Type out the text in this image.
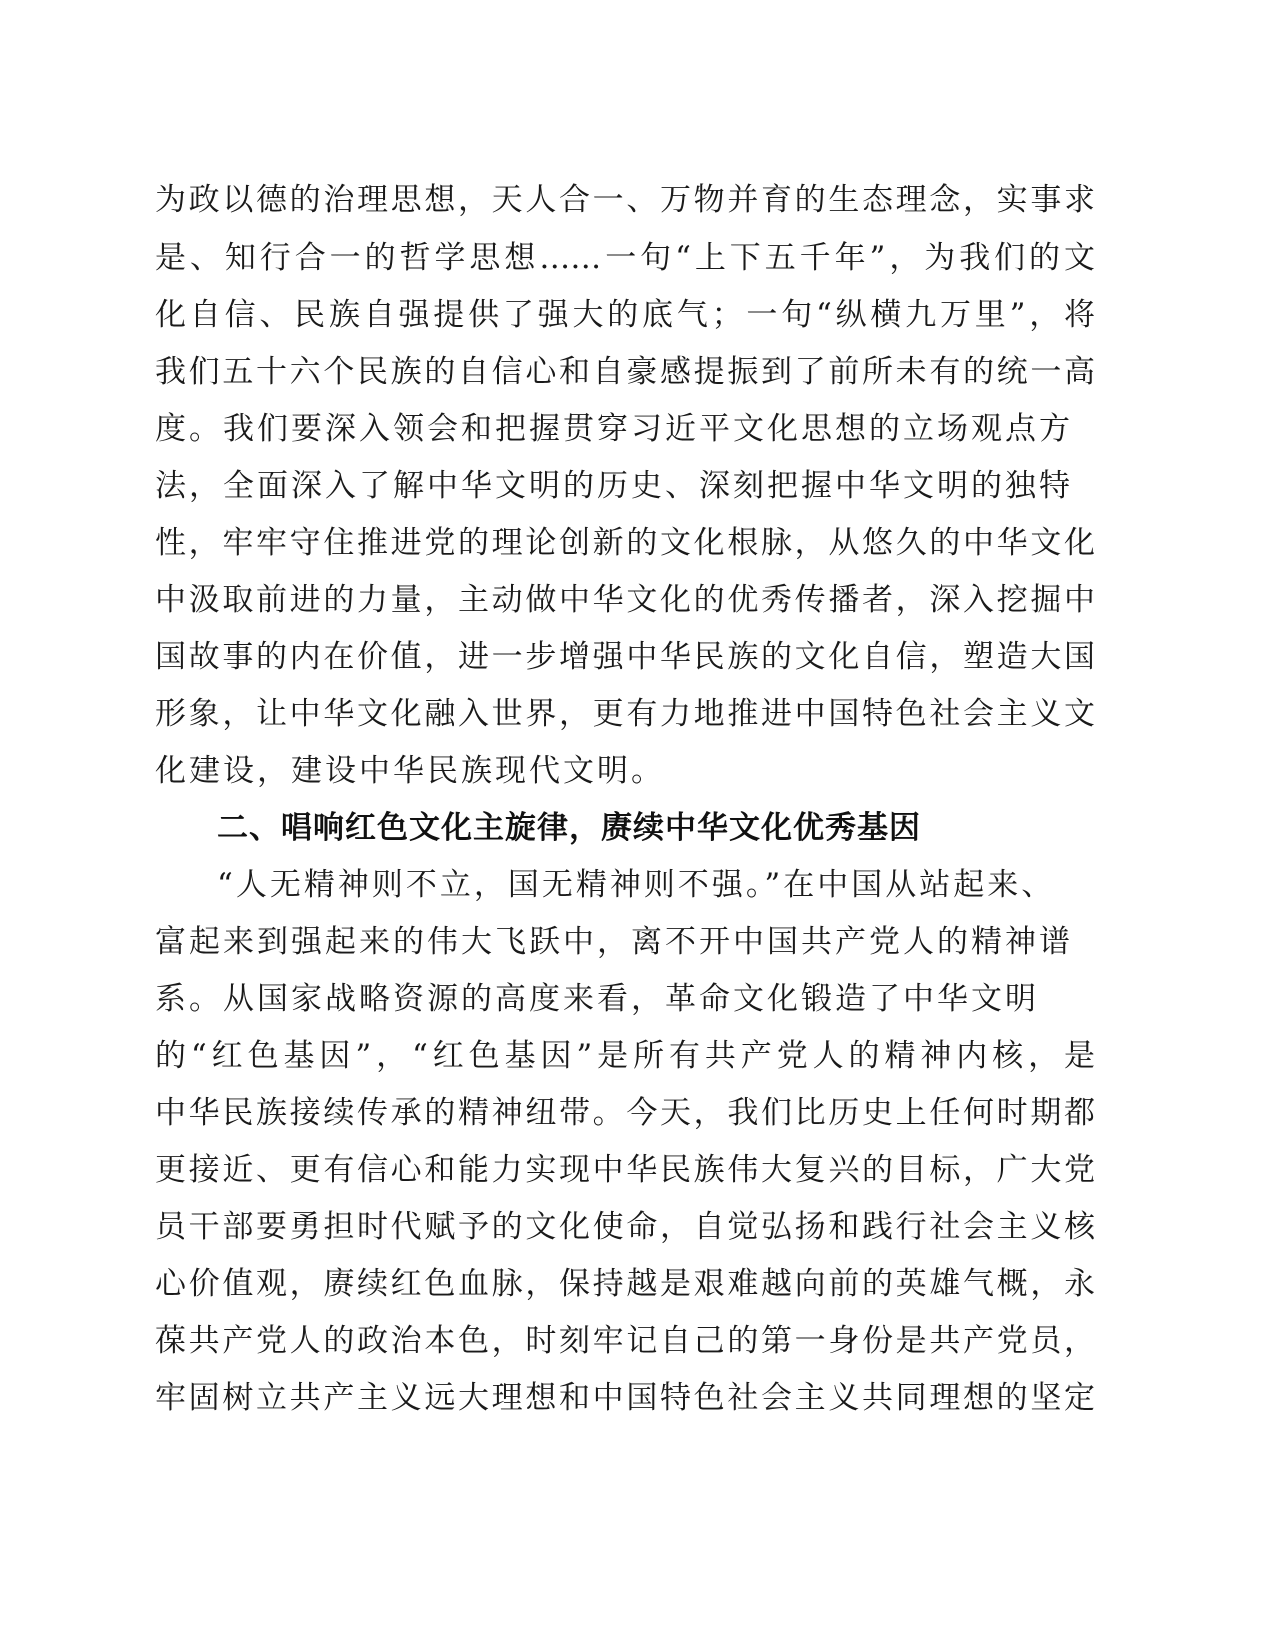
为政以德的治理思想，天人合一、万物并育的生态理念，实事求
是、知行合一的哲学思想……一句“上下五千年”，为我们的文
化自信、民族自强提供了强大的底气；一句“纵横九万里”，将
我们五十六个民族的自信心和自豪感提振到了前所未有的统一高
度。我们要深入领会和把握贯穿习近平文化思想的立场观点方
法，全面深入了解中华文明的历史、深刻把握中华文明的独特
性，牢牢守住推进党的理论创新的文化根脉，从悠久的中华文化
中汲取前进的力量，主动做中华文化的优秀传播者，深入挖掘中
国故事的内在价值，进一步增强中华民族的文化自信，塑造大国
形象，让中华文化融入世界，更有力地推进中国特色社会主义文
化建设，建设中华民族现代文明。
二、唱响红色文化主旋律，赓续中华文化优秀基因
“人无精神则不立，国无精神则不强。”在中国从站起来、
富起来到强起来的伟大飞跃中，离不开中国共产党人的精神谱
系。从国家战略资源的高度来看，革命文化锻造了中华文明
的“红色基因”，“红色基因”是所有共产党人的精神内核，是
中华民族接续传承的精神纽带。今天，我们比历史上任何时期都
更接近、更有信心和能力实现中华民族伟大复兴的目标，广大党
员干部要勇担时代赋予的文化使命，自觉弘扬和践行社会主义核
心价值观，赓续红色血脉，保持越是艰难越向前的英雄气概，永
葆共产党人的政治本色，时刻牢记自己的第一身份是共产党员，
牢固树立共产主义远大理想和中国特色社会主义共同理想的坚定
